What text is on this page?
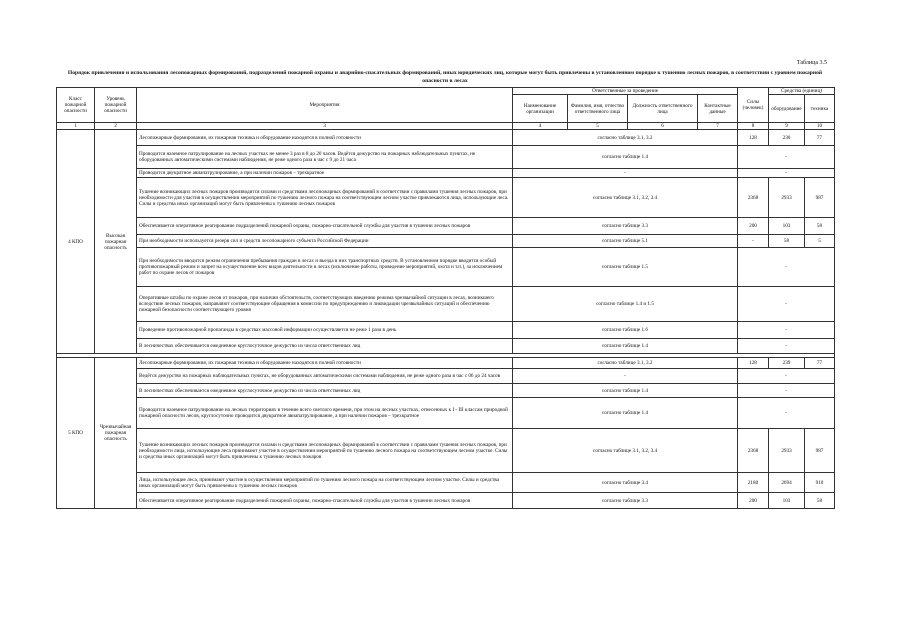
Таблица 3.5
Порядок привлечения и использования лесопожарных формирований, подразделений пожарной охраны и аварийно-спасательных формирований, иных юридических лиц, которые могут быть привлечены в установленном порядке к тушению лесных пожаров, в соответствии с уровнем пожарной опасности в лесах
Класс пожарной опасности	Уровень пожарной опасности	Мероприятия	Ответственные за проведение				Силы (человек)	Средства (единиц)	
			Наименование организации	Фамилия, имя, отчество ответственного лица	Должность ответственного лица	Контактные данные		оборудование	техника
1	2	3	4	5	6	7	8	9	10
4 КПО	Высокая пожарная опасность	Лесопожарные формирования, их пожарная техника и оборудование находятся в полной готовности	согласно таблице 3.1, 3.2				128	230	77
		Проводится наземное патрулирование на лесных участках не менее 3 раз в 8 до 20 часов. Ведётся дежурство на пожарных наблюдательных пунктах, не оборудованных автоматическими системами наблюдения, не реже одного раза в час с 9 до 21 часа	согласно таблице 1.4				-		
		Проводится двукратное авиапатрулирование, а при наличии пожаров – трехкратное	-				-		
		Тушение возникающих лесных пожаров производится силами и средствами лесопожарных формирований в соответствии с правилами тушения лесных пожаров, при необходимости для участия в осуществлении мероприятий по тушению лесного пожара на соответствующем лесном участке привлекаются лица, использующие леса. Силы и средства иных организаций могут быть привлечены к тушению лесных пожаров	согласно таблице 3.1, 3.2, 3.4				2368	2933	987
		Обеспечивается оперативное реагирование подразделений пожарной охраны, пожарно-спасательной службы для участия в тушении лесных пожаров	согласно таблице 3.3				200	103	58
		При необходимости используется резерв сил и средств лесопожарного субъекта Российской Федерации	согласно таблице 5.1				-	58	5
		При необходимости вводится режим ограничения пребывания граждан в лесах и въезда в них транспортных средств. В установленном порядке вводится особый противопожарный режим и запрет на осуществление всех видов деятельности в лесах (исключение работы, проведение мероприятий, охота и т.п.), за исключением работ по охране лесов от пожаров	согласно таблице 1.5				-		
		Оперативные штабы по охране лесов от пожаров, при наличии обстоятельств, соответствующих введению режима чрезвычайной ситуации в лесах, возникшего вследствие лесных пожаров, направляют соответствующие обращения в комиссии по предупреждению и ликвидации чрезвычайных ситуаций и обеспечению пожарной безопасности соответствующего уровня	согласно таблице 1.4 и 1.5				-		
		Проведение противопожарной пропаганды в средствах массовой информации осуществляется не реже 1 раза в день	согласно таблице 1.6				-		
		В лесничествах обеспечивается ежедневное круглосуточное дежурство из числа ответственных лиц	согласно таблице 1.4				-		

5 КПО	Чрезвычайная пожарная опасность	Лесопожарные формирования, их пожарная техника и оборудование находятся в полной готовности	согласно таблице 3.1, 3.2				128	239	77
		Ведётся дежурство на пожарных наблюдательных пунктах, не оборудованных автоматическими системами наблюдения, не реже одного раза в час с 06 до 24 часов	-				-		
		В лесничествах обеспечивается ежедневное круглосуточное дежурство из числа ответственных лиц	согласно таблице 1.4				-		
		Проводится наземное патрулирование на лесных территориях в течение всего светлого времени, при этом на лесных участках, отнесенных к I - III классам природной пожарной опасности лесов, круглосуточно проводится двукратное авиапатрулирование, а при наличии пожаров – трехкратное	согласно таблице 1.4				-		
		Тушение возникающих лесных пожаров производится силами и средствами лесопожарных формирований в соответствии с правилами тушения лесных пожаров, при необходимости лица, использующие леса принимают участие в осуществлении мероприятий по тушению лесного пожара на соответствующем лесном участке. Силы и средства иных организаций могут быть привлечены к тушению лесных пожаров	согласно таблице 3.1, 3.2, 3.4				2368	2933	987
		Лица, использующие леса, принимают участие в осуществлении мероприятий по тушению лесного пожара на соответствующем лесном участке. Силы и средства иных организаций могут быть привлечены к тушению лесных пожаров	согласно таблице 3.4				2180	2694	910
		Обеспечивается оперативное реагирование подразделений пожарной охраны, пожарно-спасательной службы для участия в тушении лесных пожаров	согласно таблице 3.3				200	103	58
